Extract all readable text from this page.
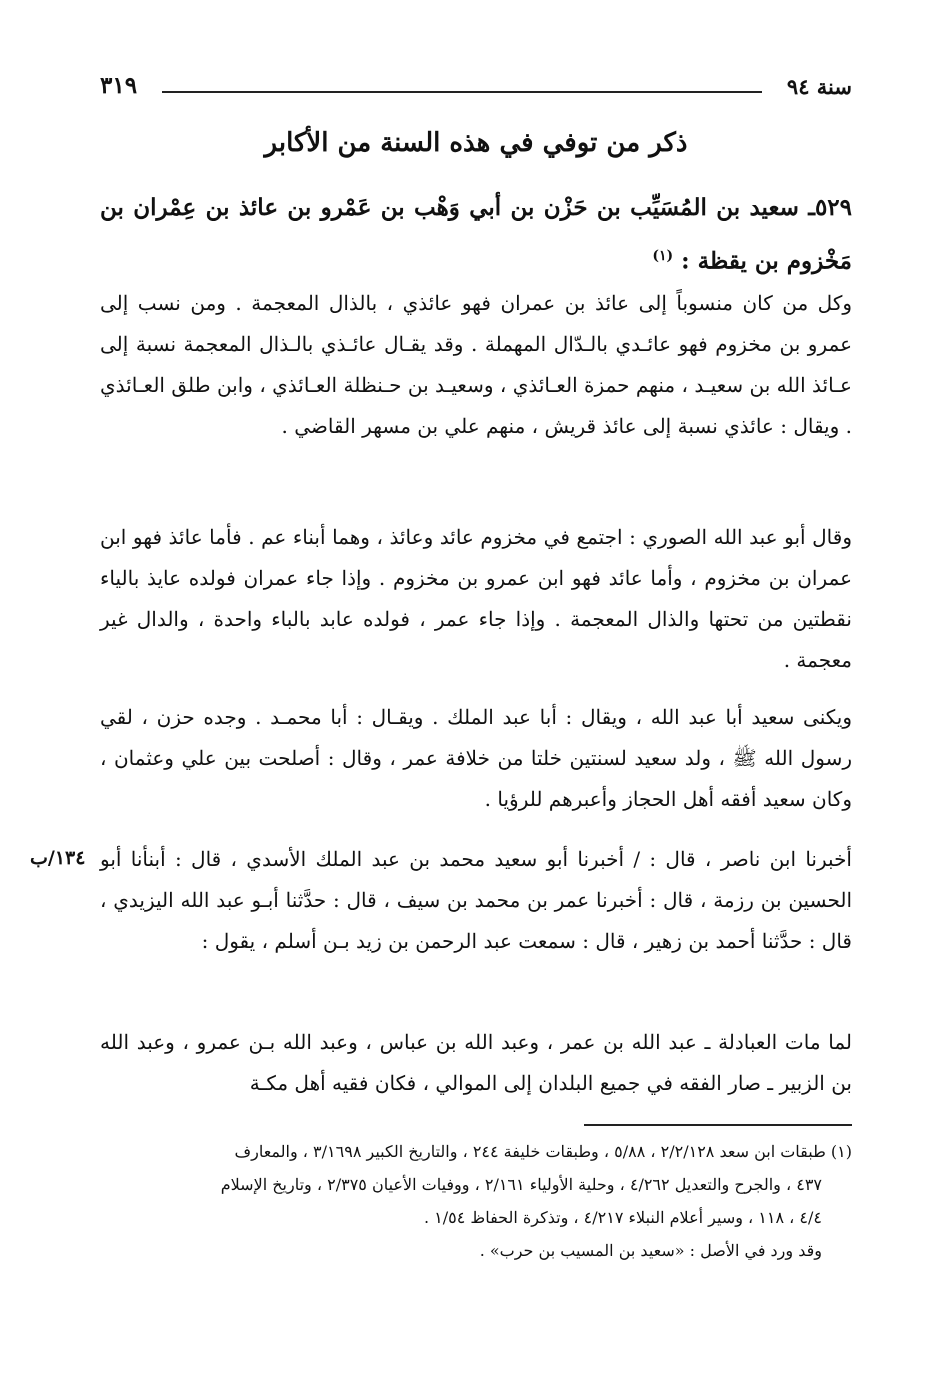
سنة ٩٤
٣١٩
ذكر من توفي في هذه السنة من الأكابر
٥٢٩ـ سعيد بن المُسَيِّب بن حَزْن بن أبي وَهْب بن عَمْرو بن عائذ بن عِمْران بن مَخْزوم بن يقظة : $^{(١)}$
وكل من كان منسوباً إلى عائذ بن عمران فهو عائذي ، بالذال المعجمة . ومن نسب إلى عمرو بن مخزوم فهو عائـدي بالـدّال المهملة . وقد يقـال عائـذي بالـذال المعجمة نسبة إلى عـائذ الله بن سعيـد ، منهم حمزة العـائذي ، وسعيـد بن حـنظلة العـائذي ، وابن طلق العـائذي . ويقال : عائذي نسبة إلى عائذ قريش ، منهم علي بن مسهر القاضي .
وقال أبو عبد الله الصوري : اجتمع في مخزوم عائد وعائذ ، وهما أبناء عم . فأما عائذ فهو ابن عمران بن مخزوم ، وأما عائد فهو ابن عمرو بن مخزوم . وإذا جاء عمران فولده عايذ بالياء نقطتين من تحتها والذال المعجمة . وإذا جاء عمر ، فولده عابد بالباء واحدة ، والدال غير معجمة .
ويكنى سعيد أبا عبد الله ، ويقال : أبا عبد الملك . ويقـال : أبا محمـد . وجده حزن ، لقي رسول الله ﷺ ، ولد سعيد لسنتين خلتا من خلافة عمر ، وقال : أصلحت بين علي وعثمان ، وكان سعيد أفقه أهل الحجاز وأعبرهم للرؤيا .
أخبرنا ابن ناصر ، قال : / أخبرنا أبو سعيد محمد بن عبد الملك الأسدي ، قال : أبنأنا أبو الحسين بن رزمة ، قال : أخبرنا عمر بن محمد بن سيف ، قال : حدَّثنا أبـو عبد الله اليزيدي ، قال : حدَّثنا أحمد بن زهير ، قال : سمعت عبد الرحمن بن زيد بـن أسلم ، يقول :
لما مات العبادلة ـ عبد الله بن عمر ، وعبد الله بن عباس ، وعبد الله بـن عمرو ، وعبد الله بن الزبير ـ صار الفقه في جميع البلدان إلى الموالي ، فكان فقيه أهل مكـة
١٣٤/ب
(١) طبقات ابن سعد ٢/٢/١٢٨ ، ٥/٨٨ ، وطبقات خليفة ٢٤٤ ، والتاريخ الكبير ٣/١٦٩٨ ، والمعارف
٤٣٧ ، والجرح والتعديل ٤/٢٦٢ ، وحلية الأولياء ٢/١٦١ ، ووفيات الأعيان ٢/٣٧٥ ، وتاريخ الإسلام
٤/٤ ، ١١٨ ، وسير أعلام النبلاء ٤/٢١٧ ، وتذكرة الحفاظ ١/٥٤ .
وقد ورد في الأصل : «سعيد بن المسيب بن حرب» .
